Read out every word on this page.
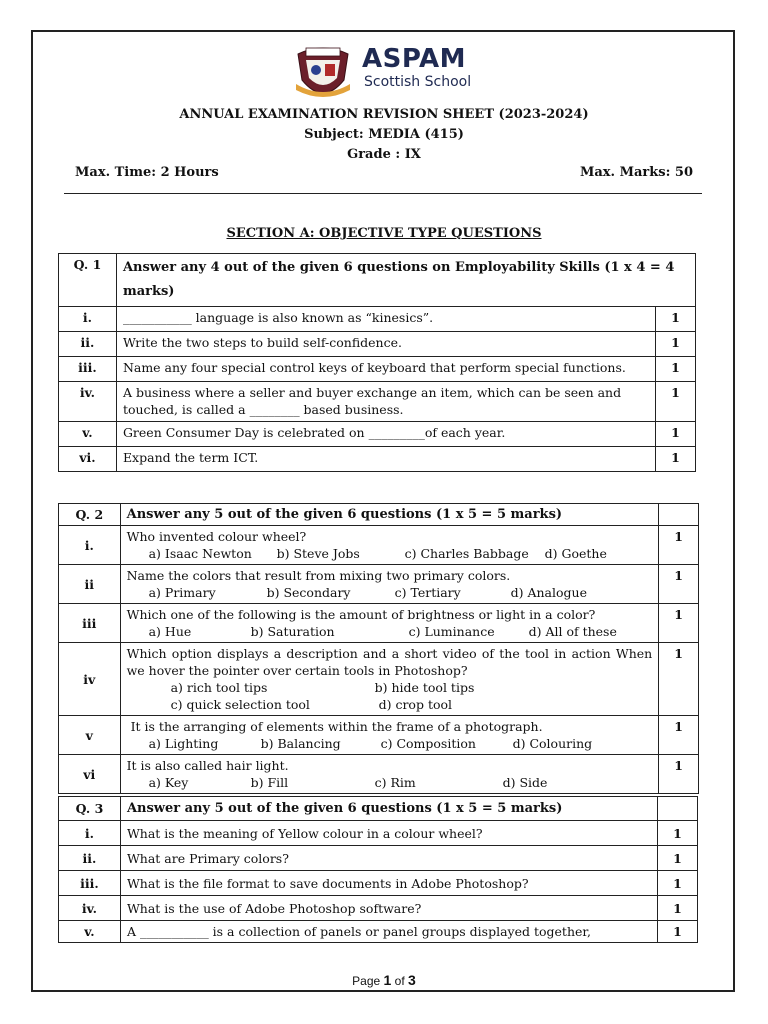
ASPAM
Scottish School
ANNUAL EXAMINATION REVISION SHEET (2023-2024)
Subject: MEDIA (415)
Grade : IX
Max. Time: 2 Hours	Max. Marks: 50
SECTION A: OBJECTIVE TYPE QUESTIONS
Q. 1	Answer any 4 out of the given 6 questions on Employability Skills (1 x 4 = 4 marks)	
i.	___________ language is also known as “kinesics”.	1
ii.	Write the two steps to build self-confidence.	1
iii.	Name any four special control keys of keyboard that perform special functions.	1
iv.	A business where a seller and buyer exchange an item, which can be seen and touched, is called a ________ based business.	1
v.	Green Consumer Day is celebrated on _________of each year.	1
vi.	Expand the term ICT.	1
Q. 2	Answer any 5 out of the given 6 questions (1 x 5 = 5 marks)	
i.	Who invented colour wheel?
a) Isaac Newton b) Steve Jobs c) Charles Babbage d) Goethe	1
ii	Name the colors that result from mixing two primary colors.
a) Primary b) Secondary c) Tertiary d) Analogue	1
iii	Which one of the following is the amount of brightness or light in a color?
a) Hue b) Saturation c) Luminance d) All of these	1
iv	Which option displays a description and a short video of the tool in action When we hover the pointer over certain tools in Photoshop?
a) rich tool tips b) hide tool tips
c) quick selection tool d) crop tool	1
v	It is the arranging of elements within the frame of a photograph.
a) Lighting b) Balancing c) Composition d) Colouring	1
vi	It is also called hair light.
a) Key b) Fill c) Rim d) Side	1
Q. 3	Answer any 5 out of the given 6 questions (1 x 5 = 5 marks)	
i.	What is the meaning of Yellow colour in a colour wheel?	1
ii.	What are Primary colors?	1
iii.	What is the file format to save documents in Adobe Photoshop?	1
iv.	What is the use of Adobe Photoshop software?	1
v.	A ___________ is a collection of panels or panel groups displayed together,	1
Page 1 of 3
